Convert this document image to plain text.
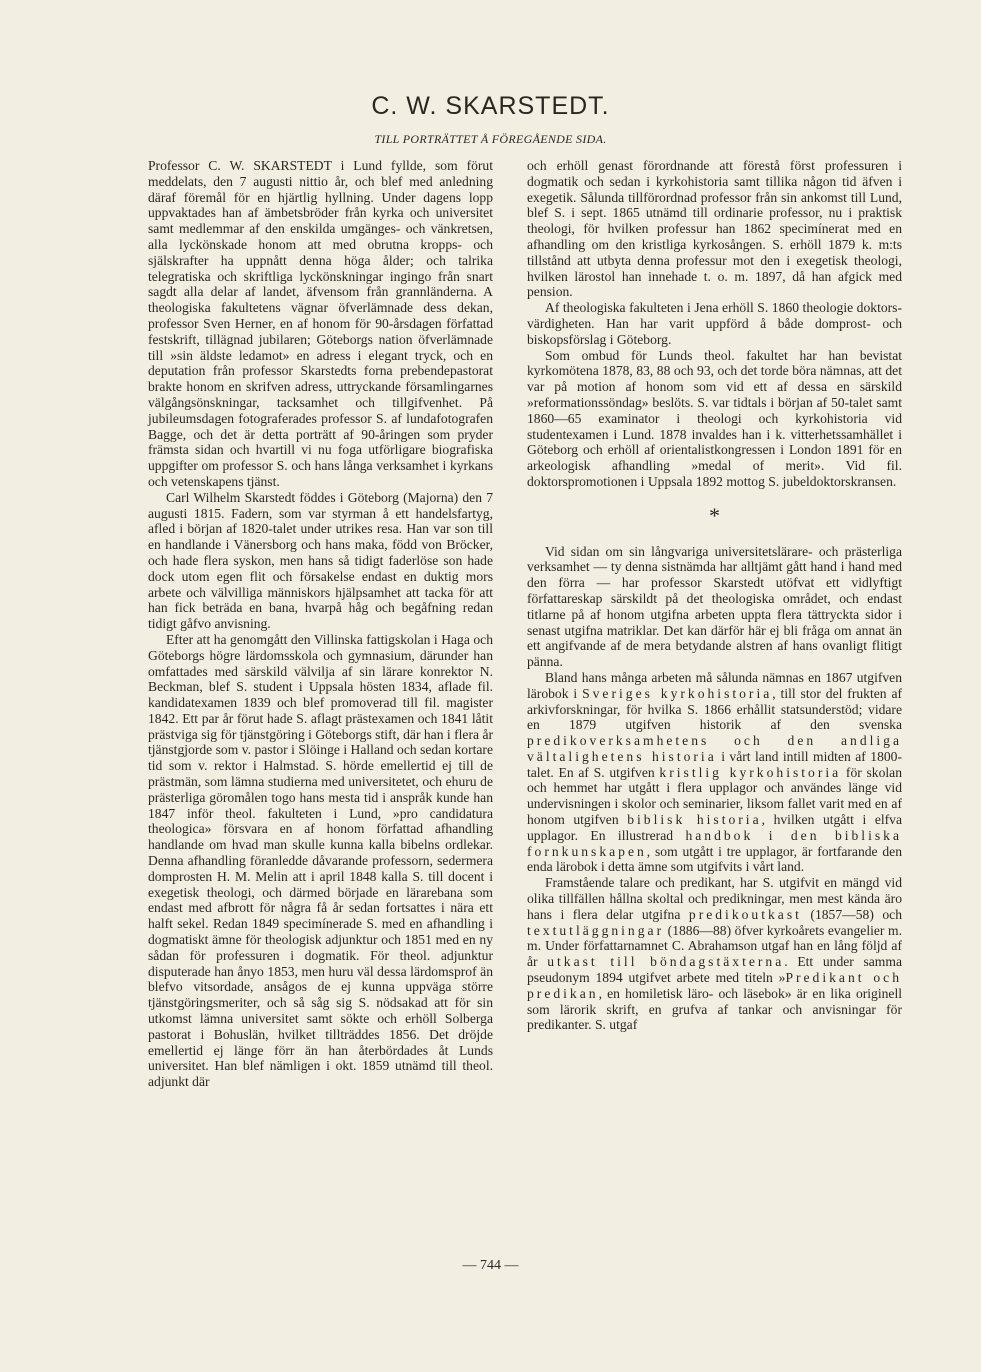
C. W. SKARSTEDT.
TILL PORTRÄTTET Å FÖREGÅENDE SIDA.

Professor C. W. SKARSTEDT i Lund fyllde, som förut meddelats, den 7 augusti nittio år, och blef med anledning däraf föremål för en hjärtlig hyllning. Under dagens lopp uppvaktades han af ämbetsbröder från kyrka och universitet samt medlemmar af den enskilda umgänges- och vänkretsen, alla lyckönskade honom att med obrutna kropps- och själskrafter ha uppnått denna höga ålder; och talrika telegratiska och skriftliga lyckönskningar ingingo från snart sagdt alla delar af landet, äfvensom från grannländerna. A theologiska fakultetens vägnar öfverlämnade dess dekan, professor Sven Herner, en af honom för 90-årsdagen författad festskrift, tillägnad jubilaren; Göteborgs nation öfverlämnade till »sin äldste ledamot» en adress i elegant tryck, och en deputation från professor Skarstedts forna prebendepastorat brakte honom en skrifven adress, uttryckande församlingarnes välgångsönskningar, tacksamhet och tillgifvenhet. På jubileumsdagen fotograferades professor S. af lundafotografen Bagge, och det är detta porträtt af 90-åringen som pryder främsta sidan och hvartill vi nu foga utförligare biografiska uppgifter om professor S. och hans långa verksamhet i kyrkans och vetenskapens tjänst.

Carl Wilhelm Skarstedt föddes i Göteborg (Majorna) den 7 augusti 1815. Fadern, som var styrman å ett handelsfartyg, afled i början af 1820-talet under utrikes resa. Han var son till en handlande i Vänersborg och hans maka, född von Bröcker, och hade flera syskon, men hans så tidigt faderlöse son hade dock utom egen flit och försakelse endast en duktig mors arbete och välvilliga människors hjälpsamhet att tacka för att han fick beträda en bana, hvarpå håg och begåfning redan tidigt gåfvo anvisning.

Efter att ha genomgått den Villinska fattigskolan i Haga och Göteborgs högre lärdomsskola och gymnasium, därunder han omfattades med särskild välvilja af sin lärare konrektor N. Beckman, blef S. student i Uppsala hösten 1834, aflade fil. kandidatexamen 1839 och blef promoverad till fil. magister 1842. Ett par år förut hade S. aflagt prästexamen och 1841 låtit prästviga sig för tjänstgöring i Göteborgs stift, där han i flera år tjänstgjorde som v. pastor i Slöinge i Halland och sedan kortare tid som v. rektor i Halmstad. S. hörde emellertid ej till de prästmän, som lämna studierna med universitetet, och ehuru de prästerliga göromålen togo hans mesta tid i anspråk kunde han 1847 inför theol. fakulteten i Lund, »pro candidatura theologica» försvara en af honom författad afhandling handlande om hvad man skulle kunna kalla bibelns ordlekar. Denna afhandling föranledde dåvarande professorn, sedermera domprosten H. M. Melin att i april 1848 kalla S. till docent i exegetisk theologi, och därmed började en lärarebana som endast med afbrott för några få år sedan fortsattes i nära ett halft sekel. Redan 1849 specimínerade S. med en afhandling i dogmatiskt ämne för theologisk adjunktur och 1851 med en ny sådan för professuren i dogmatik. För theol. adjunktur disputerade han ånyo 1853, men huru väl dessa lärdomsprof än blefvo vitsordade, ansågos de ej kunna uppväga större tjänstgöringsmeriter, och så såg sig S. nödsakad att för sin utkomst lämna universitet samt sökte och erhöll Solberga pastorat i Bohuslän, hvilket tillträddes 1856. Det dröjde emellertid ej länge förr än han återbördades åt Lunds universitet. Han blef nämligen i okt. 1859 utnämd till theol. adjunkt där

och erhöll genast förordnande att förestå först professuren i dogmatik och sedan i kyrkohistoria samt tillika någon tid äfven i exegetik. Sålunda tillförordnad professor från sin ankomst till Lund, blef S. i sept. 1865 utnämd till ordinarie professor, nu i praktisk theologi, för hvilken professur han 1862 specimínerat med en afhandling om den kristliga kyrkosången. S. erhöll 1879 k. m:ts tillstånd att utbyta denna professur mot den i exegetisk theologi, hvilken lärostol han innehade t. o. m. 1897, då han afgick med pension.

Af theologiska fakulteten i Jena erhöll S. 1860 theologie doktors-värdigheten. Han har varit uppförd å både domprost- och biskopsförslag i Göteborg.

Som ombud för Lunds theol. fakultet har han bevistat kyrkomötena 1878, 83, 88 och 93, och det torde böra nämnas, att det var på motion af honom som vid ett af dessa en särskild »reformationssöndag» beslöts. S. var tidtals i början af 50-talet samt 1860—65 examinator i theologi och kyrkohistoria vid studentexamen i Lund. 1878 invaldes han i k. vitterhetssamhället i Göteborg och erhöll af orientalistkongressen i London 1891 för en arkeologisk afhandling »medal of merit». Vid fil. doktorspromotionen i Uppsala 1892 mottog S. jubeldoktorskransen.

*

Vid sidan om sin långvariga universitetslärare- och prästerliga verksamhet — ty denna sistnämda har alltjämt gått hand i hand med den förra — har professor Skarstedt utöfvat ett vidlyftigt författareskap särskildt på det theologiska området, och endast titlarne på af honom utgifna arbeten uppta flera tättryckta sidor i senast utgifna matriklar. Det kan därför här ej bli fråga om annat än ett angifvande af de mera betydande alstren af hans ovanligt flitigt pänna.

Bland hans många arbeten må sålunda nämnas en 1867 utgifven lärobok i Sveriges kyrkohistoria, till stor del frukten af arkivforskningar, för hvilka S. 1866 erhållit statsunderstöd; vidare en 1879 utgifven historik af den svenska predikoverksamhetens och den andliga vältalighetens historia i vårt land intill midten af 1800-talet. En af S. utgifven kristlig kyrkohistoria för skolan och hemmet har utgått i flera upplagor och användes länge vid undervisningen i skolor och seminarier, liksom fallet varit med en af honom utgifven biblisk historia, hvilken utgått i elfva upplagor. En illustrerad handbok i den bibliska fornkunskapen, som utgått i tre upplagor, är fortfarande den enda lärobok i detta ämne som utgifvits i vårt land.

Framstående talare och predikant, har S. utgifvit en mängd vid olika tillfällen hållna skoltal och predikningar, men mest kända äro hans i flera delar utgifna predikoutkast (1857—58) och textutläggningar (1886—88) öfver kyrkoårets evangelier m. m. Under författarnamnet C. Abrahamson utgaf han en lång följd af år utkast till böndagstäxterna. Ett under samma pseudonym 1894 utgifvet arbete med titeln »Predikant och predikan, en homiletisk läro- och läsebok» är en lika originell som lärorik skrift, en grufva af tankar och anvisningar för predikanter. S. utgaf

— 744 —
